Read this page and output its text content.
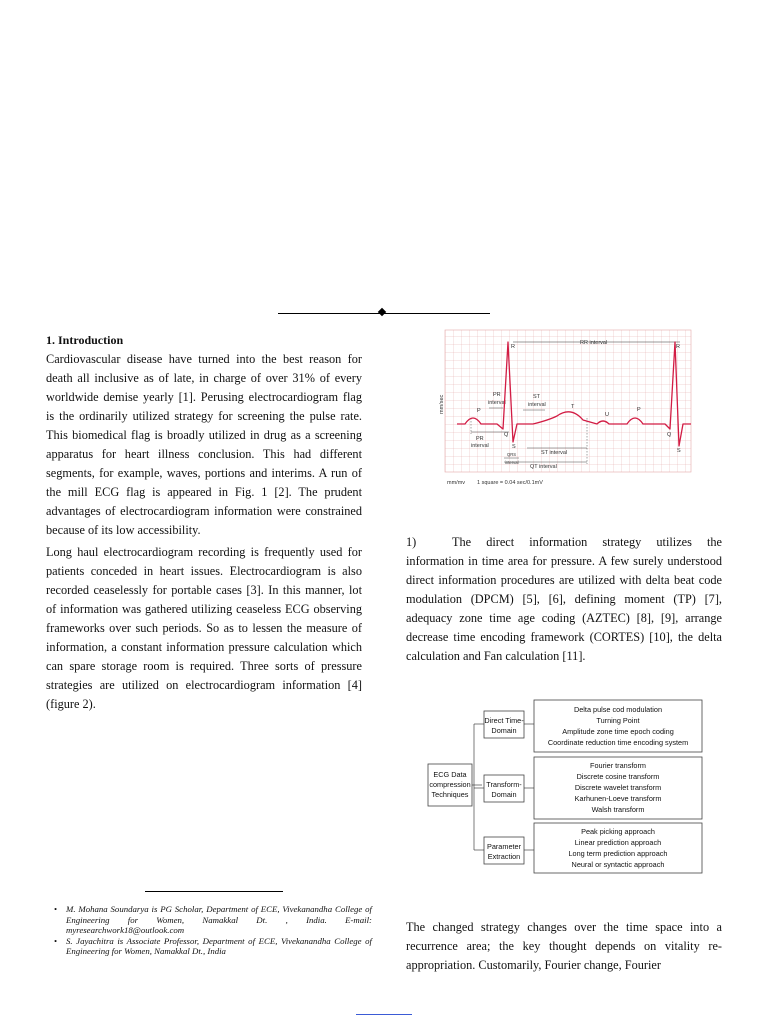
1. Introduction

Cardiovascular disease have turned into the best reason for death all inclusive as of late, in charge of over 31% of every worldwide demise yearly [1]. Perusing electrocardiogram flag is the ordinarily utilized strategy for screening the pulse rate. This biomedical flag is broadly utilized in drug as a screening apparatus for heart illness conclusion. This had different segments, for example, waves, portions and interims. A run of the mill ECG flag is appeared in Fig. 1 [2]. The prudent advantages of electrocardiogram information were constrained because of its low accessibility.

Long haul electrocardiogram recording is frequently used for patients conceded in heart issues. Electrocardiogram is also recorded ceaselessly for portable cases [3]. In this manner, lot of information was gathered utilizing ceaseless ECG observing frameworks over such periods. So as to lessen the measure of information, a constant information pressure calculation which can spare storage room is required. Three sorts of pressure strategies are utilized on electrocardiogram information [4] (figure 2).

• M. Mohana Soundarya is PG Scholar, Department of ECE, Vivekanandha College of Engineering for Women, Namakkal Dt. , India. E-mail: myresearchwork18@outlook.com
• S. Jayachitra is Associate Professor, Department of ECE, Vivekanandha College of Engineering for Women, Namakkal Dt., India
mm/sec
mm/mv 1 square = 0.04 sec/0.1mV
RR interval
R	R
PR
interval
ST
interval
P	P
T
U
Q	Q
S
S
PR
interval
ST interval
QRS
interval
QT interval

1)	The direct information strategy utilizes the information in time area for pressure. A few surely understood direct information procedures are utilized with delta beat code modulation (DPCM) [5], [6], defining moment (TP) [7], adequacy zone time age coding (AZTEC) [8], [9], arrange decrease time encoding framework (CORTES) [10], the delta calculation and Fan calculation [11].

ECG Data
compression
Techniques
Direct Time-
Domain
Transform-
Domain
Parameter
Extraction
Delta pulse cod modulation
Turning Point
Amplitude zone time epoch coding
Coordinate reduction time encoding system
Fourier transform
Discrete cosine transform
Discrete wavelet transform
Karhunen-Loeve transform
Walsh transform
Peak picking approach
Linear prediction approach
Long term prediction approach
Neural or syntactic approach

The changed strategy changes over the time space into a recurrence area; the key thought depends on vitality re-appropriation. Customarily, Fourier change, Fourier
